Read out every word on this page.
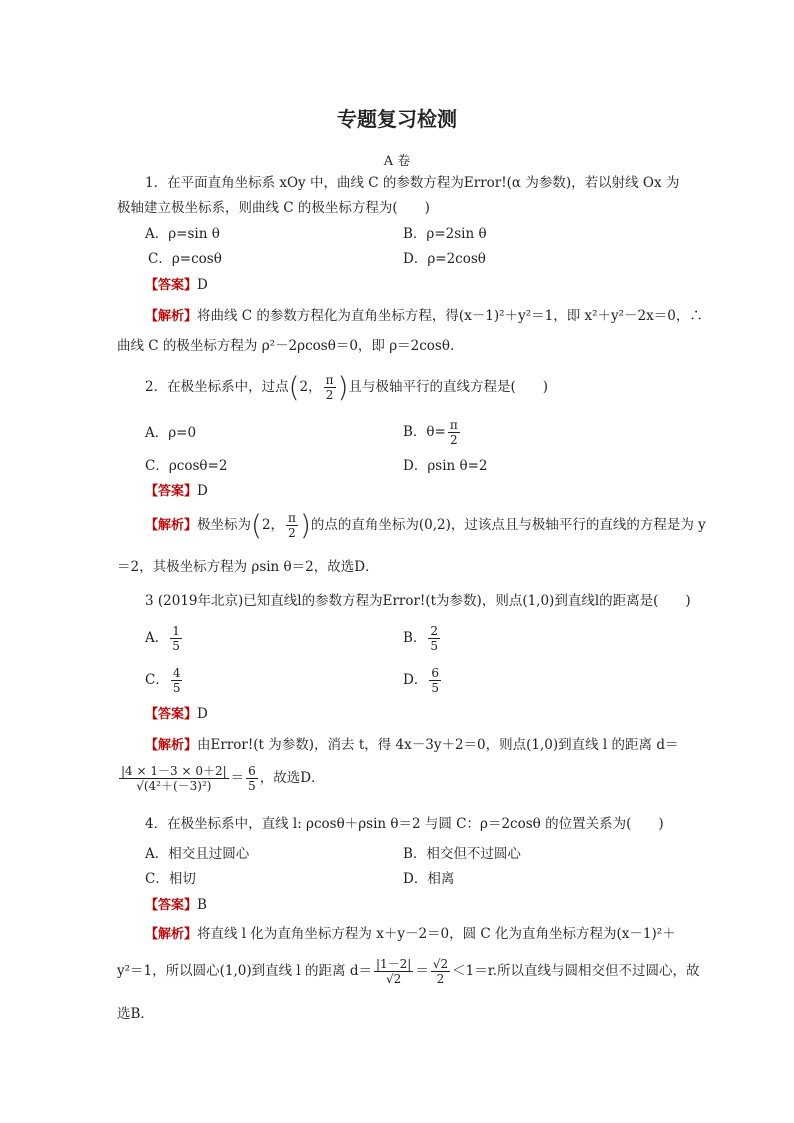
专题复习检测
A 卷
1．在平面直角坐标系 xOy 中，曲线 C 的参数方程为Error!(α 为参数)，若以射线 Ox 为
极轴建立极坐标系，则曲线 C 的极坐标方程为(　　)
A．ρ=sin θ	B．ρ=2sin θ
C．ρ=cosθ	D．ρ=2cosθ
【答案】D
【解析】将曲线 C 的参数方程化为直角坐标方程，得(x－1)²＋y²＝1，即 x²＋y²－2x＝0，∴
曲线 C 的极坐标方程为 ρ²－2ρcosθ＝0，即 ρ＝2cosθ.
2．在极坐标系中，过点(2， $\frac{\pi}{2}$ )且与极轴平行的直线方程是(　　)
A．ρ=0	B．$\theta= \frac{\pi}{2}$
C．ρcosθ=2	D．ρsin θ=2
【答案】D
【解析】极坐标为(2， $\frac{\pi}{2}$ )的点的直角坐标为(0,2)，过该点且与极轴平行的直线的方程是为 y
＝2，其极坐标方程为 ρsin θ＝2，故选D．
3 (2019年北京)已知直线l的参数方程为Error!(t为参数)，则点(1,0)到直线l的距离是(　　)
A． $\frac{1}{5}$	B． $\frac{2}{5}$
C． $\frac{4}{5}$	D． $\frac{6}{5}$
【答案】D
【解析】由Error!(t 为参数)，消去 t，得 4x－3y＋2＝0，则点(1,0)到直线 l 的距离 d＝
$\frac{|4 \times 1-3 \times 0+2|}{\text{√(4²＋(－3)²)}} = \frac{6}{5}$ ，故选D．
4．在极坐标系中，直线 l: ρcosθ＋ρsin θ＝2 与圆 C：ρ＝2cosθ 的位置关系为(　　)
A．相交且过圆心	B．相交但不过圆心
C．相切	D．相离
【答案】B
【解析】将直线 l 化为直角坐标方程为 x＋y－2＝0，圆 C 化为直角坐标方程为(x－1)²＋
y²＝1，所以圆心(1,0)到直线 l 的距离 $d= \frac{|1-2|}{√2} = \frac{√2}{2} <1=r$.所以直线与圆相交但不过圆心，故
选B．
